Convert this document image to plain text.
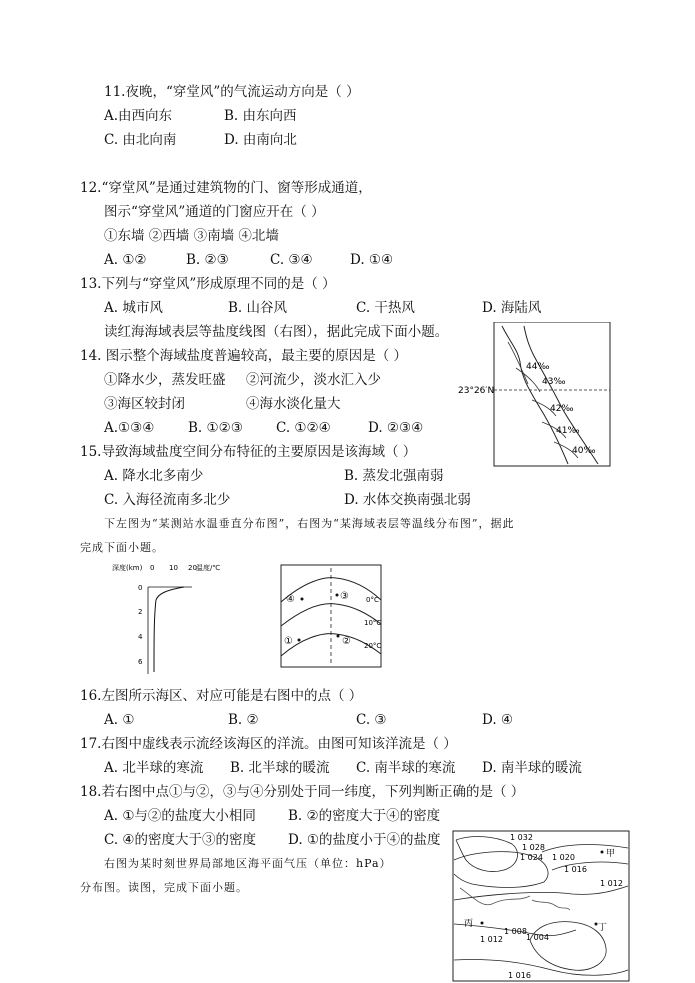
11.夜晚，“穿堂风”的气流运动方向是（ ）
A.由西向东	B. 由东向西
C. 由北向南	D. 由南向北
12.“穿堂风”是通过建筑物的门、窗等形成通道，
图示“穿堂风”通道的门窗应开在（ ）
①东墙 ②西墙 ③南墙 ④北墙
A. ①②	B. ②③	C. ③④	D. ①④
13.下列与“穿堂风”形成原理不同的是（ ）
A. 城市风	B. 山谷风	C. 干热风	D. 海陆风
读红海海域表层等盐度线图（右图），据此完成下面小题。
14. 图示整个海域盐度普遍较高，最主要的原因是（ ）
①降水少，蒸发旺盛 ②河流少，淡水汇入少
③海区较封闭	④海水淡化量大
A.①③④ B. ①②③ C. ①②④	D. ②③④
15.导致海域盐度空间分布特征的主要原因是该海域（ ）
A. 降水北多南少	B. 蒸发北强南弱
C. 入海径流南多北少	D. 水体交换南强北弱
下左图为“某测站水温垂直分布图”，右图为“某海域表层等温线分布图”，据此
完成下面小题。
23°26′N
44‰
43‰
42‰
41‰
40‰
深度(km) 0 10 20 温度/℃
0
2
4
6
④	③
①	②
0°C
10°C
20°C
16.左图所示海区、对应可能是右图中的点（ ）
A. ①	B. ②	C. ③	D. ④
17.右图中虚线表示流经该海区的洋流。由图可知该洋流是（ ）
A. 北半球的寒流 B. 北半球的暖流 C. 南半球的寒流 D. 南半球的暖流
18.若右图中点①与②，③与④分别处于同一纬度，下列判断正确的是（ ）
A. ①与②的盐度大小相同 B. ②的密度大于④的密度
C. ④的密度大于③的密度 D. ①的盐度小于④的盐度
右图为某时刻世界局部地区海平面气压（单位：hPa）
分布图。读图，完成下面小题。
1 032
1 028
1 024 1 020
1 016
1 012
1 008
1 004
1 012
1 016
甲
丙	丁
